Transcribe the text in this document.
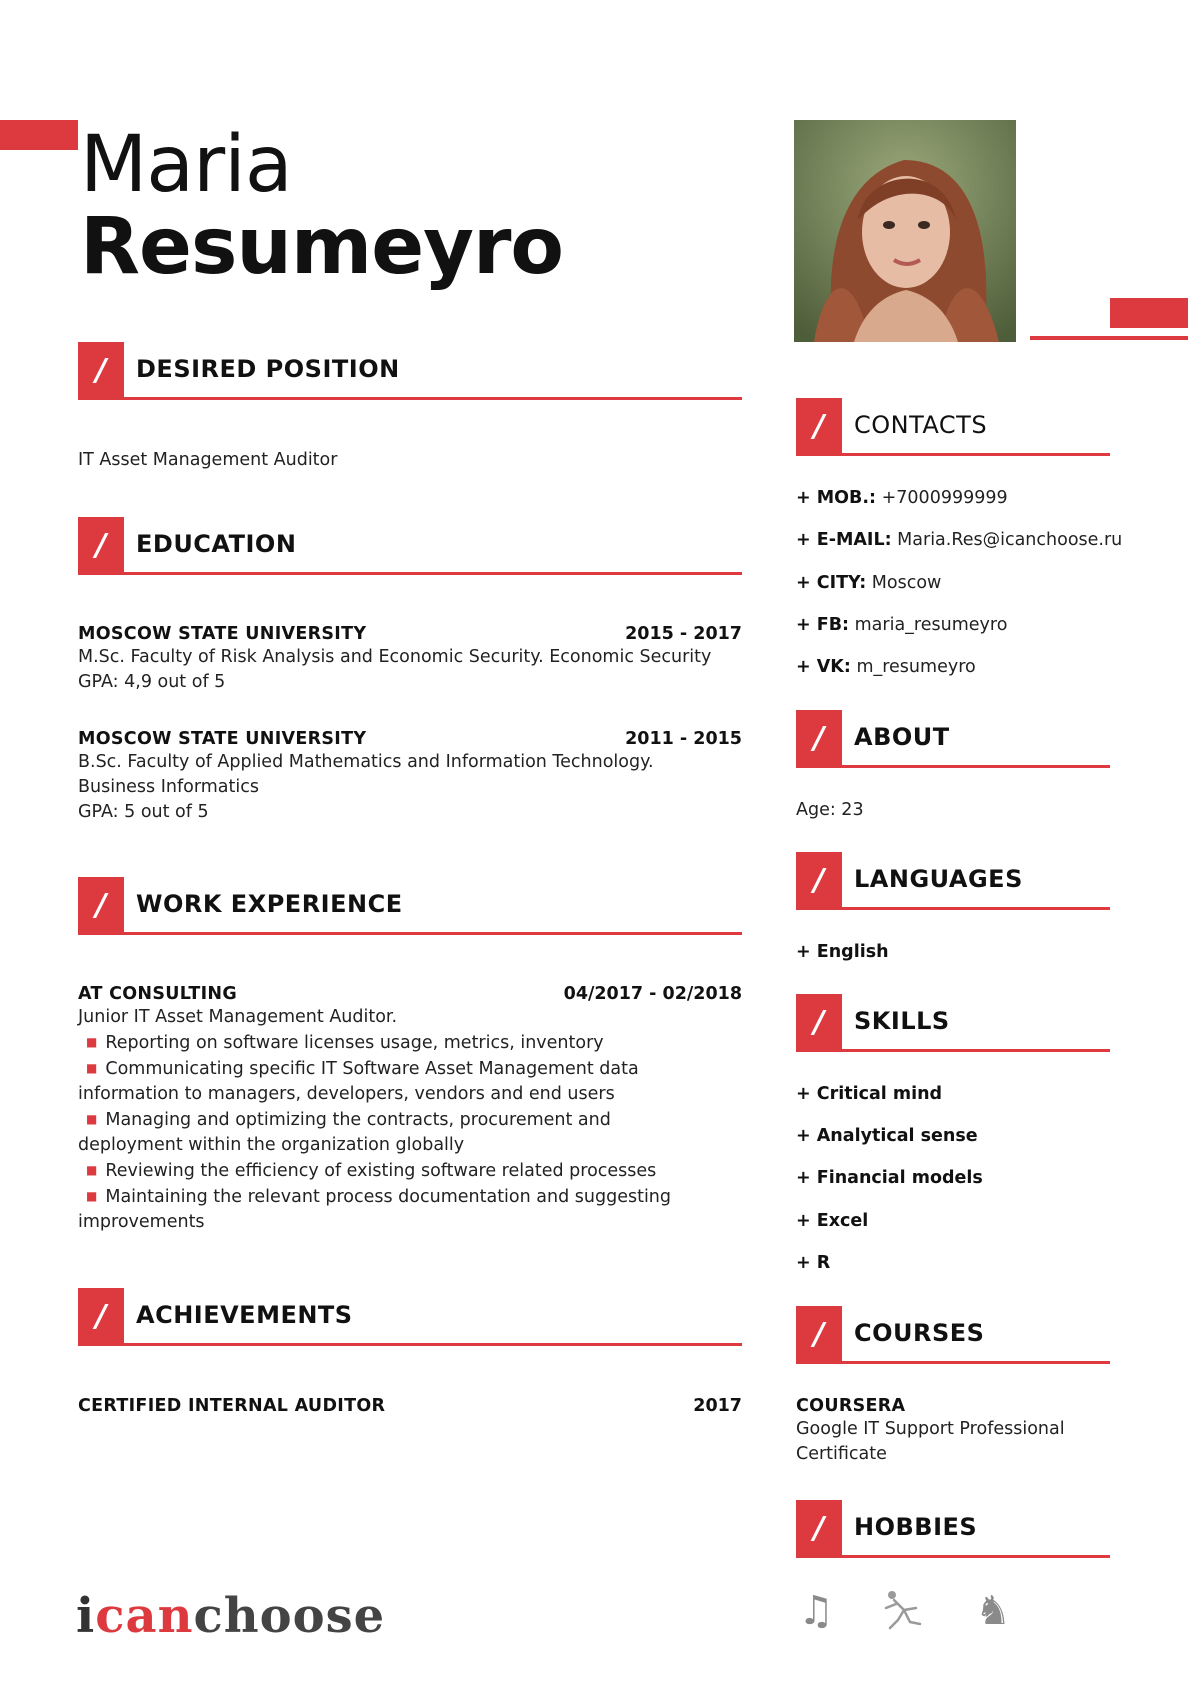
Maria
Resumeyro
/	DESIRED POSITION
IT Asset Management Auditor
/	EDUCATION
MOSCOW STATE UNIVERSITY	2015 - 2017
M.Sc. Faculty of Risk Analysis and Economic Security. Economic Security
GPA: 4,9 out of 5
MOSCOW STATE UNIVERSITY	2011 - 2015
B.Sc. Faculty of Applied Mathematics and Information Technology. Business Informatics
GPA: 5 out of 5
/	WORK EXPERIENCE
AT CONSULTING	04/2017 - 02/2018
Junior IT Asset Management Auditor.
■ Reporting on software licenses usage, metrics, inventory
■ Communicating specific IT Software Asset Management data information to managers, developers, vendors and end users
■ Managing and optimizing the contracts, procurement and deployment within the organization globally
■ Reviewing the efficiency of existing software related processes
■ Maintaining the relevant process documentation and suggesting improvements
/	ACHIEVEMENTS
CERTIFIED INTERNAL AUDITOR	2017
icanchoose
/	CONTACTS
+ MOB.: +7000999999
+ E-MAIL: Maria.Res@icanchoose.ru
+ CITY: Moscow
+ FB: maria_resumeyro
+ VK: m_resumeyro
/	ABOUT
Age: 23
/	LANGUAGES
+ English
/	SKILLS
+ Critical mind
+ Analytical sense
+ Financial models
+ Excel
+ R
/	COURSES
COURSERA
Google IT Support Professional Certificate
/	HOBBIES
♫	♞
